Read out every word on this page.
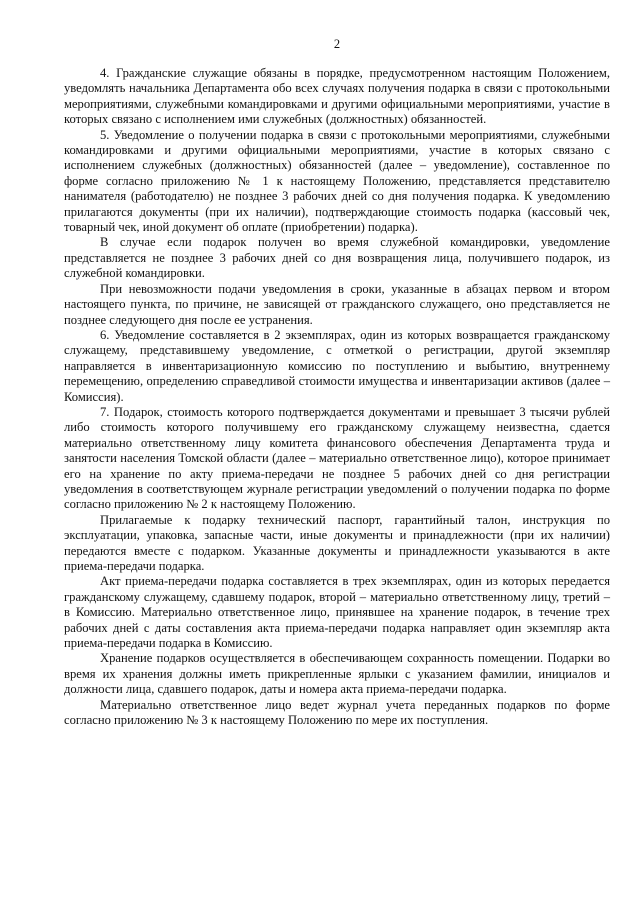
2

4. Гражданские служащие обязаны в порядке, предусмотренном настоящим Положением, уведомлять начальника Департамента обо всех случаях получения подарка в связи с протокольными мероприятиями, служебными командировками и другими официальными мероприятиями, участие в которых связано с исполнением ими служебных (должностных) обязанностей.

5. Уведомление о получении подарка в связи с протокольными мероприятиями, служебными командировками и другими официальными мероприятиями, участие в которых связано с исполнением служебных (должностных) обязанностей (далее – уведомление), составленное по форме согласно приложению № 1 к настоящему Положению, представляется представителю нанимателя (работодателю) не позднее 3 рабочих дней со дня получения подарка. К уведомлению прилагаются документы (при их наличии), подтверждающие стоимость подарка (кассовый чек, товарный чек, иной документ об оплате (приобретении) подарка).

В случае если подарок получен во время служебной командировки, уведомление представляется не позднее 3 рабочих дней со дня возвращения лица, получившего подарок, из служебной командировки.

При невозможности подачи уведомления в сроки, указанные в абзацах первом и втором настоящего пункта, по причине, не зависящей от гражданского служащего, оно представляется не позднее следующего дня после ее устранения.

6. Уведомление составляется в 2 экземплярах, один из которых возвращается гражданскому служащему, представившему уведомление, с отметкой о регистрации, другой экземпляр направляется в инвентаризационную комиссию по поступлению и выбытию, внутреннему перемещению, определению справедливой стоимости имущества и инвентаризации активов (далее – Комиссия).

7. Подарок, стоимость которого подтверждается документами и превышает 3 тысячи рублей либо стоимость которого получившему его гражданскому служащему неизвестна, сдается материально ответственному лицу комитета финансового обеспечения Департамента труда и занятости населения Томской области (далее – материально ответственное лицо), которое принимает его на хранение по акту приема-передачи не позднее 5 рабочих дней со дня регистрации уведомления в соответствующем журнале регистрации уведомлений о получении подарка по форме согласно приложению № 2 к настоящему Положению.

Прилагаемые к подарку технический паспорт, гарантийный талон, инструкция по эксплуатации, упаковка, запасные части, иные документы и принадлежности (при их наличии) передаются вместе с подарком. Указанные документы и принадлежности указываются в акте приема-передачи подарка.

Акт приема-передачи подарка составляется в трех экземплярах, один из которых передается гражданскому служащему, сдавшему подарок, второй – материально ответственному лицу, третий – в Комиссию. Материально ответственное лицо, принявшее на хранение подарок, в течение трех рабочих дней с даты составления акта приема-передачи подарка направляет один экземпляр акта приема-передачи подарка в Комиссию.

Хранение подарков осуществляется в обеспечивающем сохранность помещении. Подарки во время их хранения должны иметь прикрепленные ярлыки с указанием фамилии, инициалов и должности лица, сдавшего подарок, даты и номера акта приема-передачи подарка.

Материально ответственное лицо ведет журнал учета переданных подарков по форме согласно приложению № 3 к настоящему Положению по мере их поступления.
